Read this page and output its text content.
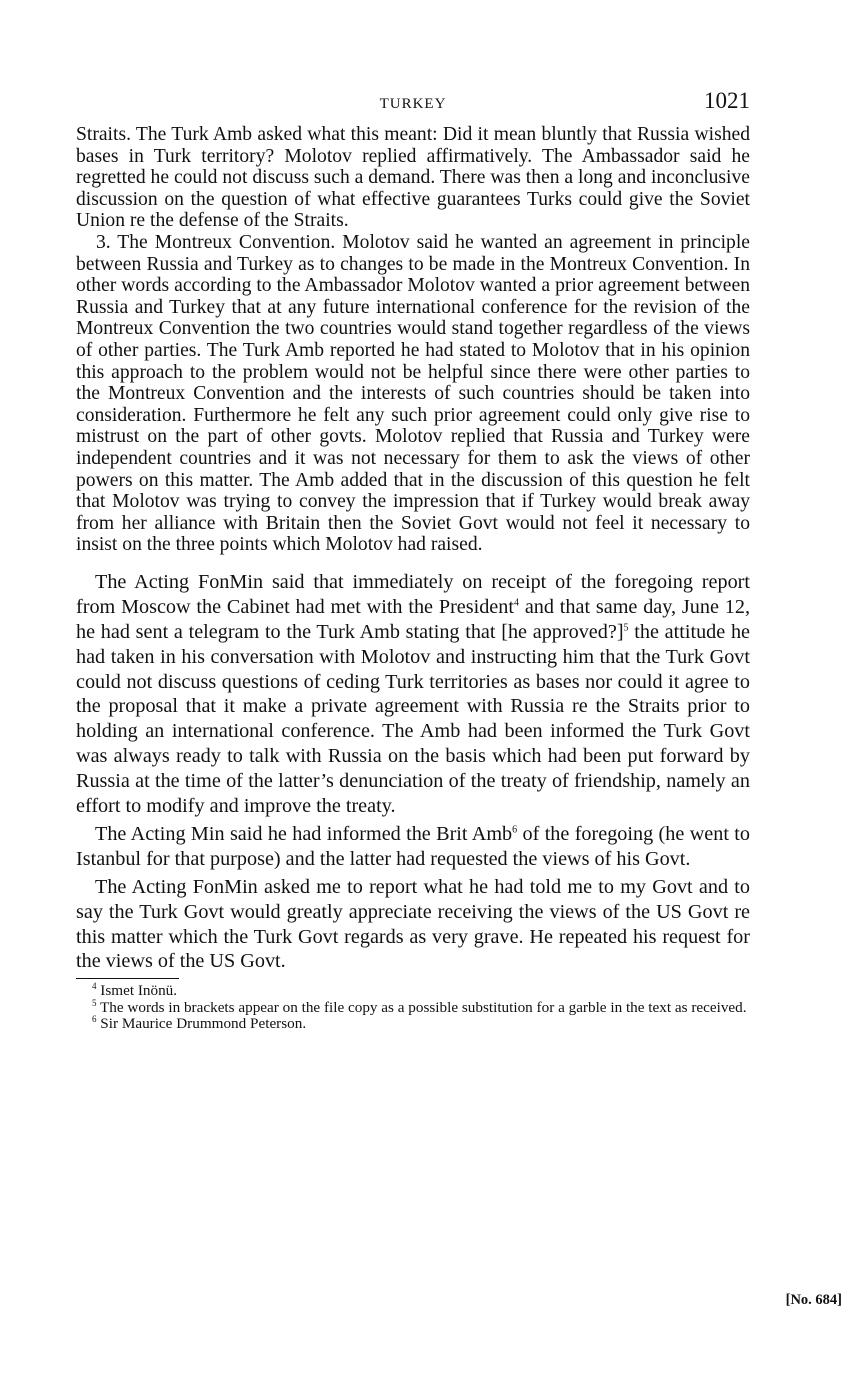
TURKEY	1021

Straits. The Turk Amb asked what this meant: Did it mean bluntly that Russia wished bases in Turk territory? Molotov replied affirmatively. The Ambassador said he regretted he could not discuss such a demand. There was then a long and inconclusive discussion on the question of what effective guarantees Turks could give the Soviet Union re the defense of the Straits.

3. The Montreux Convention. Molotov said he wanted an agreement in principle between Russia and Turkey as to changes to be made in the Montreux Convention. In other words according to the Ambassador Molotov wanted a prior agreement between Russia and Turkey that at any future international conference for the revision of the Montreux Convention the two countries would stand together regardless of the views of other parties. The Turk Amb reported he had stated to Molotov that in his opinion this approach to the problem would not be helpful since there were other parties to the Montreux Convention and the interests of such countries should be taken into consideration. Furthermore he felt any such prior agreement could only give rise to mistrust on the part of other govts. Molotov replied that Russia and Turkey were independent countries and it was not necessary for them to ask the views of other powers on this matter. The Amb added that in the discussion of this question he felt that Molotov was trying to convey the impression that if Turkey would break away from her alliance with Britain then the Soviet Govt would not feel it necessary to insist on the three points which Molotov had raised.

The Acting FonMin said that immediately on receipt of the foregoing report from Moscow the Cabinet had met with the President$^4$ and that same day, June 12, he had sent a telegram to the Turk Amb stating that [he approved?]$^5$ the attitude he had taken in his conversation with Molotov and instructing him that the Turk Govt could not discuss questions of ceding Turk territories as bases nor could it agree to the proposal that it make a private agreement with Russia re the Straits prior to holding an international conference. The Amb had been informed the Turk Govt was always ready to talk with Russia on the basis which had been put forward by Russia at the time of the latter’s denunciation of the treaty of friendship, namely an effort to modify and improve the treaty.

The Acting Min said he had informed the Brit Amb$^6$ of the foregoing (he went to Istanbul for that purpose) and the latter had requested the views of his Govt.

The Acting FonMin asked me to report what he had told me to my Govt and to say the Turk Govt would greatly appreciate receiving the views of the US Govt re this matter which the Turk Govt regards as very grave. He repeated his request for the views of the US Govt.

$^4$ Ismet Inönü.

$^5$ The words in brackets appear on the file copy as a possible substitution for a garble in the text as received.

$^6$ Sir Maurice Drummond Peterson.

[No. 684]
